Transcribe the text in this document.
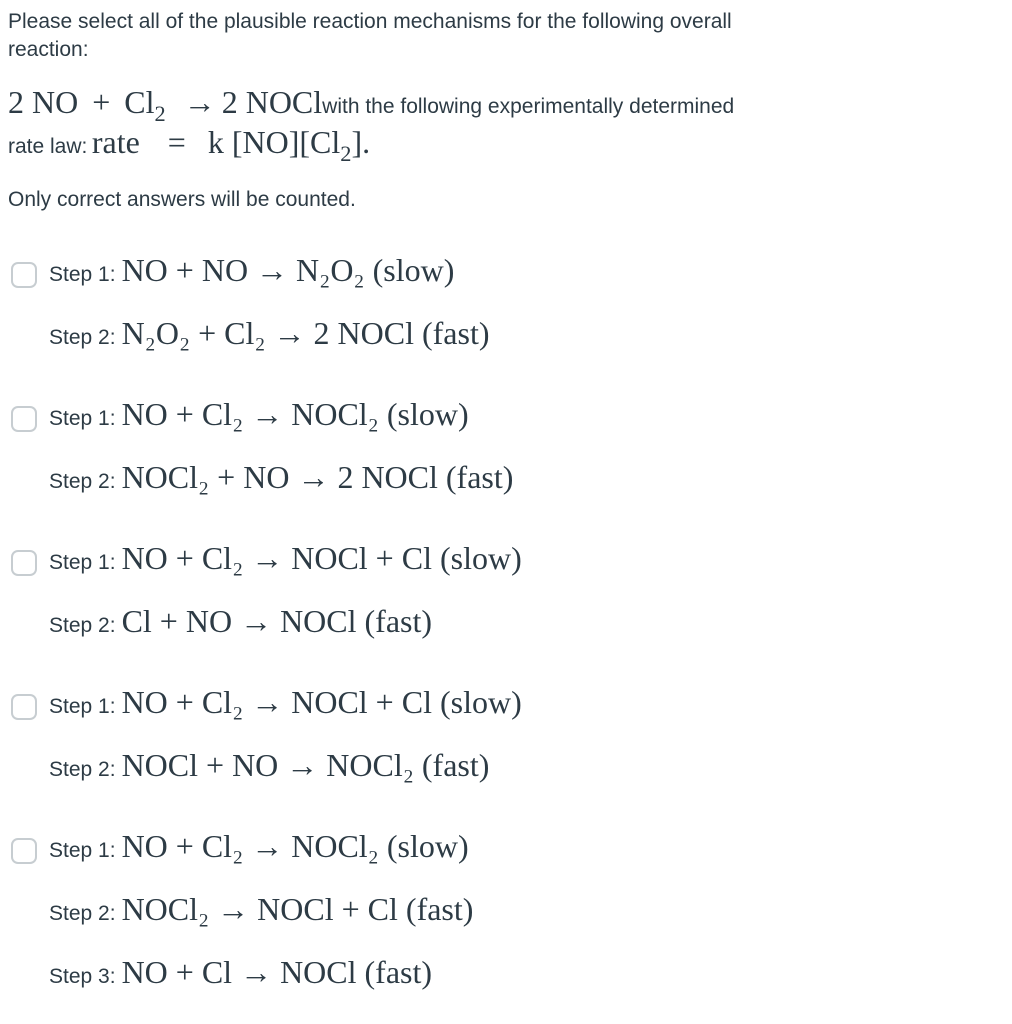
Please select all of the plausible reaction mechanisms for the following overall
reaction:
2 NO + $Cl_2 \to 2$ NOClwith the following experimentally determined
rate law: rate = k $[NO][Cl_2]$.
Only correct answers will be counted.
Step 1: NO + NO → N₂O₂ (slow)
Step 2: N₂O₂ + Cl₂ → 2 NOCl (fast)
Step 1: NO + Cl₂ → NOCl₂ (slow)
Step 2: NOCl₂ + NO → 2 NOCl (fast)
Step 1: NO + Cl₂ → NOCl + Cl (slow)
Step 2: Cl + NO → NOCl (fast)
Step 1: NO + Cl₂ → NOCl + Cl (slow)
Step 2: NOCl + NO → NOCl₂ (fast)
Step 1: NO + Cl₂ → NOCl₂ (slow)
Step 2: NOCl₂ → NOCl + Cl (fast)
Step 3: NO + Cl → NOCl (fast)
